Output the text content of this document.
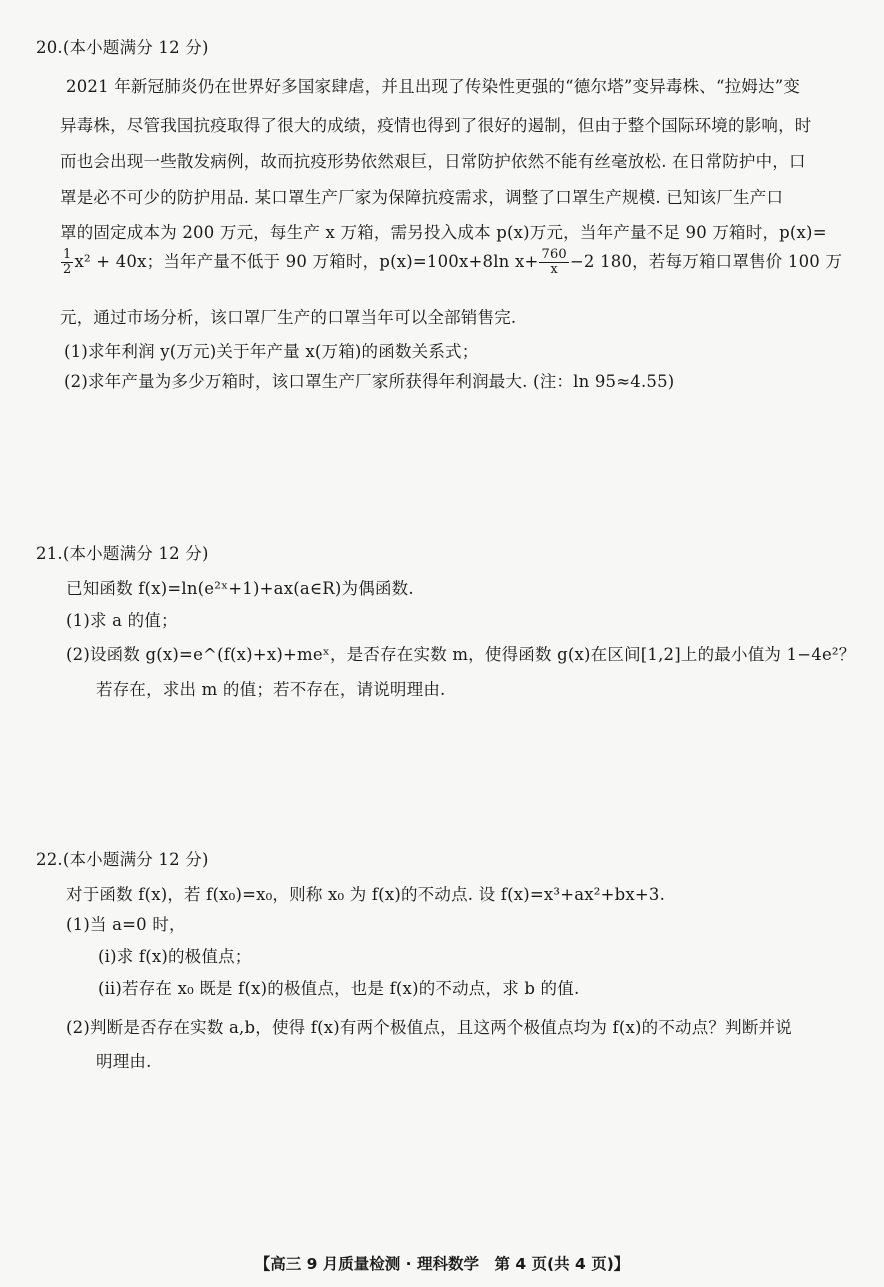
20.(本小题满分 12 分)
2021 年新冠肺炎仍在世界好多国家肆虐，并且出现了传染性更强的“德尔塔”变异毒株、“拉姆达”变
异毒株，尽管我国抗疫取得了很大的成绩，疫情也得到了很好的遏制，但由于整个国际环境的影响，时
而也会出现一些散发病例，故而抗疫形势依然艰巨，日常防护依然不能有丝毫放松. 在日常防护中，口
罩是必不可少的防护用品. 某口罩生产厂家为保障抗疫需求，调整了口罩生产规模. 已知该厂生产口
罩的固定成本为 200 万元，每生产 x 万箱，需另投入成本 p(x)万元，当年产量不足 90 万箱时，p(x)=
$\frac{1}{2} x^2 + 40x$；当年产量不低于 90 万箱时，p(x)=100x+8ln $x+ \frac{760}{x} -2$ 180，若每万箱口罩售价 100 万
元，通过市场分析，该口罩厂生产的口罩当年可以全部销售完.
(1)求年利润 y(万元)关于年产量 x(万箱)的函数关系式；
(2)求年产量为多少万箱时，该口罩生产厂家所获得年利润最大. (注：ln 95≈4.55)
21.(本小题满分 12 分)
已知函数 f(x)=ln(e²ˣ+1)+ax(a∈R)为偶函数.
(1)求 a 的值；
(2)设函数 g(x)=e^(f(x)+x)+meˣ，是否存在实数 m，使得函数 g(x)在区间[1,2]上的最小值为 1−4e²？
若存在，求出 m 的值；若不存在，请说明理由.
22.(本小题满分 12 分)
对于函数 f(x)，若 f(x₀)=x₀，则称 x₀ 为 f(x)的不动点. 设 f(x)=x³+ax²+bx+3.
(1)当 a=0 时，
(ⅰ)求 f(x)的极值点；
(ⅱ)若存在 x₀ 既是 f(x)的极值点，也是 f(x)的不动点，求 b 的值.
(2)判断是否存在实数 a,b，使得 f(x)有两个极值点，且这两个极值点均为 f(x)的不动点？判断并说
明理由.
【高三 9 月质量检测 · 理科数学　第 4 页(共 4 页)】
